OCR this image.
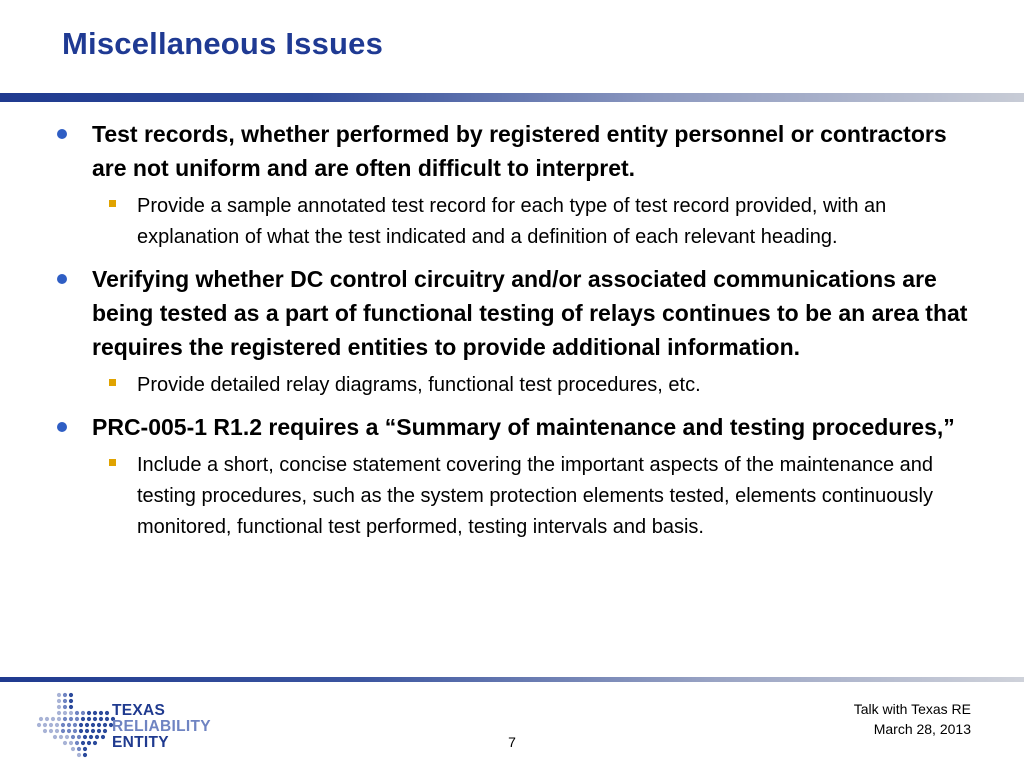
Miscellaneous Issues
Test records, whether performed by registered entity personnel or contractors are not uniform and are often difficult to interpret.
Provide a sample annotated test record for each type of test record provided, with an explanation of what the test indicated and a definition of each relevant heading.
Verifying whether DC control circuitry and/or associated communications are being tested as a part of functional testing of relays continues to be an area that requires the registered entities to provide additional information.
Provide detailed relay diagrams, functional test procedures, etc.
PRC-005-1 R1.2 requires a “Summary of maintenance and testing procedures,”
Include a short, concise statement covering the important aspects of the maintenance and testing procedures, such as the system protection elements tested, elements continuously monitored, functional test performed, testing intervals and basis.
TEXAS
RELIABILITY
ENTITY	7
Talk with Texas RE
March 28, 2013
